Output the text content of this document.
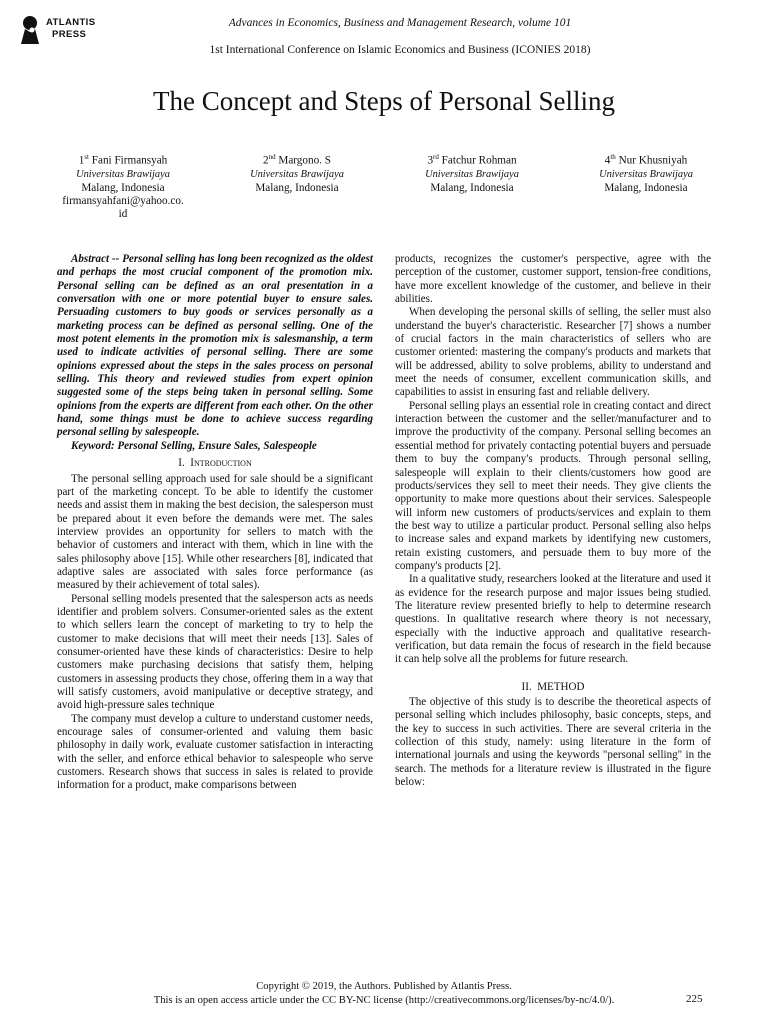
ATLANTIS
PRESS
Advances in Economics, Business and Management Research, volume 101
1st International Conference on Islamic Economics and Business (ICONIES 2018)
The Concept and Steps of Personal Selling
1st Fani Firmansyah
Universitas Brawijaya
Malang, Indonesia
firmansyahfani@yahoo.co.
id
2nd Margono. S
Universitas Brawijaya
Malang, Indonesia
3rd Fatchur Rohman
Universitas Brawijaya
Malang, Indonesia
4th Nur Khusniyah
Universitas Brawijaya
Malang, Indonesia

Abstract -- Personal selling has long been recognized as the oldest and perhaps the most crucial component of the promotion mix. Personal selling can be defined as an oral presentation in a conversation with one or more potential buyer to ensure sales. Persuading customers to buy goods or services personally as a marketing process can be defined as personal selling. One of the most potent elements in the promotion mix is salesmanship, a term used to indicate activities of personal selling. There are some opinions expressed about the steps in the sales process on personal selling. This theory and reviewed studies from expert opinion suggested some of the steps being taken in personal selling. Some opinions from the experts are different from each other. On the other hand, some things must be done to achieve success regarding personal selling by salespeople.

Keyword: Personal Selling, Ensure Sales, Salespeople

I. Introduction

The personal selling approach used for sale should be a significant part of the marketing concept. To be able to identify the customer needs and assist them in making the best decision, the salesperson must be prepared about it even before the demands were met. The sales interview provides an opportunity for sellers to match with the behavior of customers and interact with them, which in line with the sales philosophy above [15]. While other researchers [8], indicated that adaptive sales are associated with sales force performance (as measured by their achievement of total sales).

Personal selling models presented that the salesperson acts as needs identifier and problem solvers. Consumer-oriented sales as the extent to which sellers learn the concept of marketing to try to help the customer to make decisions that will meet their needs [13]. Sales of consumer-oriented have these kinds of characteristics: Desire to help customers make purchasing decisions that satisfy them, helping customers in assessing products they chose, offering them in a way that will satisfy customers, avoid manipulative or deceptive strategy, and avoid high-pressure sales technique

The company must develop a culture to understand customer needs, encourage sales of consumer-oriented and valuing them basic philosophy in daily work, evaluate customer satisfaction in interacting with the seller, and enforce ethical behavior to salespeople who serve customers. Research shows that success in sales is related to provide information for a product, make comparisons between

products, recognizes the customer's perspective, agree with the perception of the customer, customer support, tension-free conditions, have more excellent knowledge of the customer, and believe in their abilities.

When developing the personal skills of selling, the seller must also understand the buyer's characteristic. Researcher [7] shows a number of crucial factors in the main characteristics of sellers who are customer oriented: mastering the company's products and markets that will be addressed, ability to solve problems, ability to understand and meet the needs of consumer, excellent communication skills, and capabilities to assist in ensuring fast and reliable delivery.

Personal selling plays an essential role in creating contact and direct interaction between the customer and the seller/manufacturer and to improve the productivity of the company. Personal selling becomes an essential method for privately contacting potential buyers and persuade them to buy the company's products. Through personal selling, salespeople will explain to their clients/customers how good are products/services they sell to meet their needs. They give clients the opportunity to make more questions about their services. Salespeople will inform new customers of products/services and explain to them the best way to utilize a particular product. Personal selling also helps to increase sales and expand markets by identifying new customers, retain existing customers, and persuade them to buy more of the company's products [2].

In a qualitative study, researchers looked at the literature and used it as evidence for the research purpose and major issues being studied. The literature review presented briefly to help to determine research questions. In qualitative research where theory is not necessary, especially with the inductive approach and qualitative research-verification, but data remain the focus of research in the field because it can help solve all the problems for future research.

II. METHOD

The objective of this study is to describe the theoretical aspects of personal selling which includes philosophy, basic concepts, steps, and the key to success in such activities. There are several criteria in the collection of this study, namely: using literature in the form of international journals and using the keywords "personal selling" in the search. The methods for a literature review is illustrated in the figure below:

Copyright © 2019, the Authors. Published by Atlantis Press.
This is an open access article under the CC BY-NC license (http://creativecommons.org/licenses/by-nc/4.0/).	225
